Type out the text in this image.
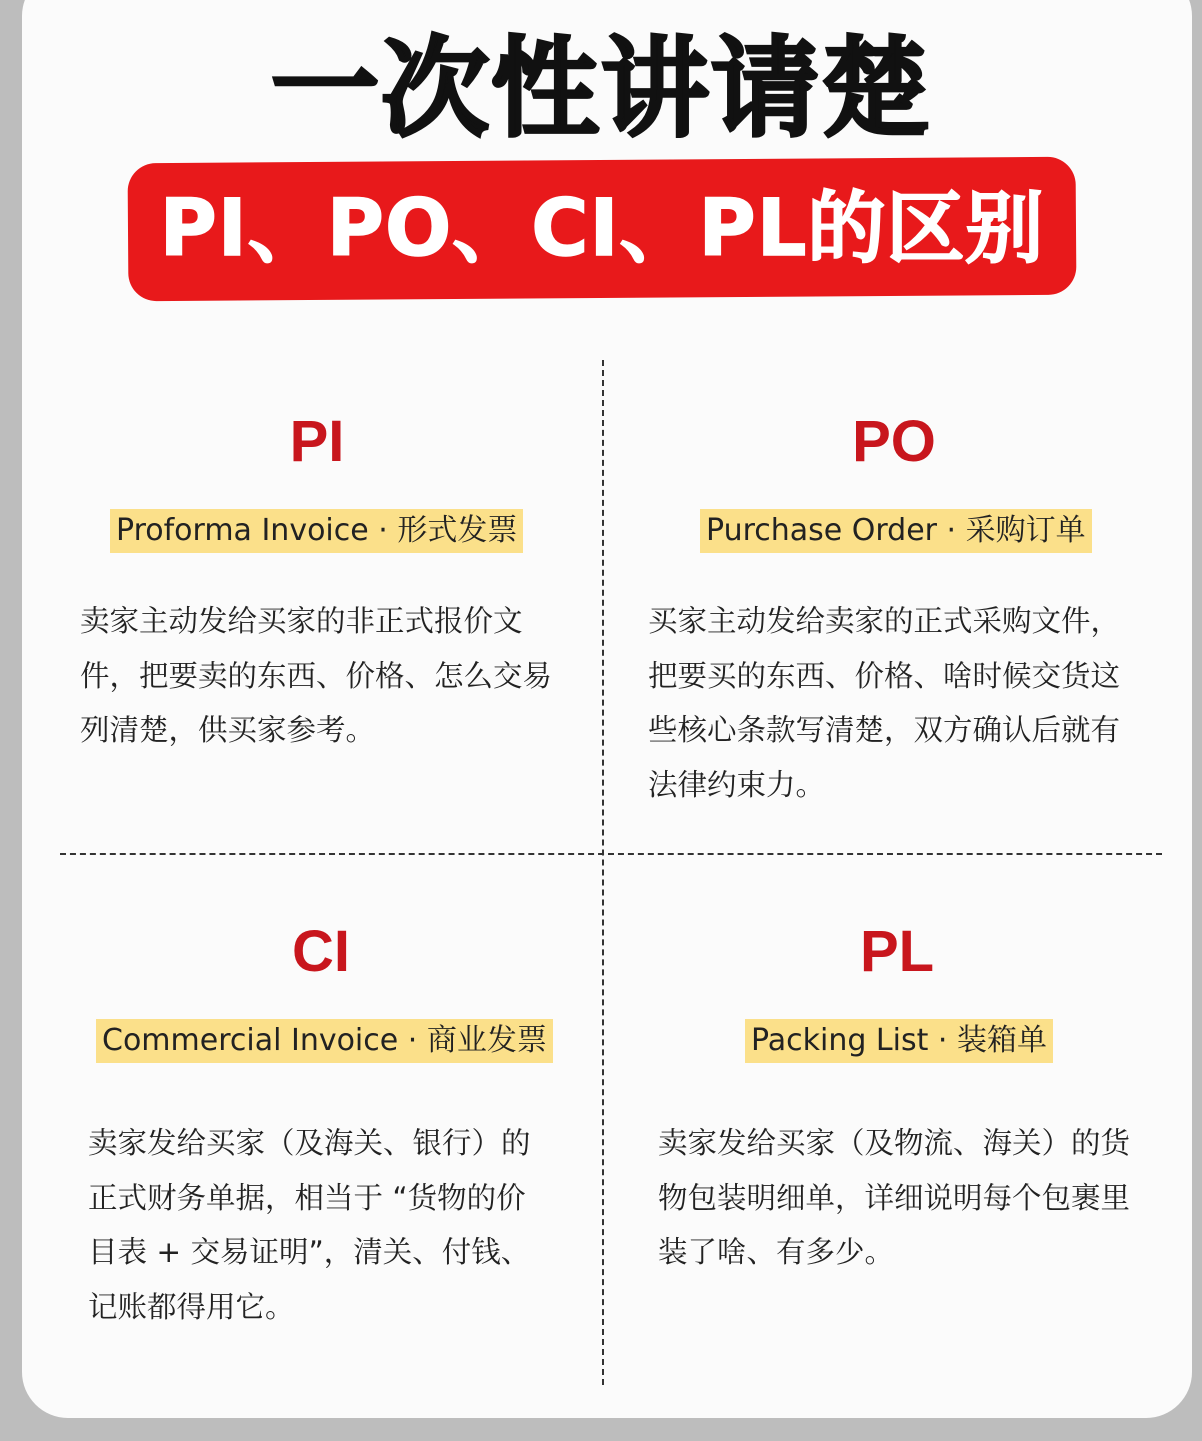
一次性讲请楚
PI、PO、CI、PL的区别
PI
Proforma Invoice · 形式发票
卖家主动发给买家的非正式报价文
件，把要卖的东西、价格、怎么交易
列清楚，供买家参考。
PO
Purchase Order · 采购订单
买家主动发给卖家的正式采购文件，
把要买的东西、价格、啥时候交货这
些核心条款写清楚，双方确认后就有
法律约束力。
CI
Commercial Invoice · 商业发票
卖家发给买家（及海关、银行）的
正式财务单据，相当于 “货物的价
目表 + 交易证明”，清关、付钱、
记账都得用它。
PL
Packing List · 装箱单
卖家发给买家（及物流、海关）的货
物包装明细单，详细说明每个包裹里
装了啥、有多少。
